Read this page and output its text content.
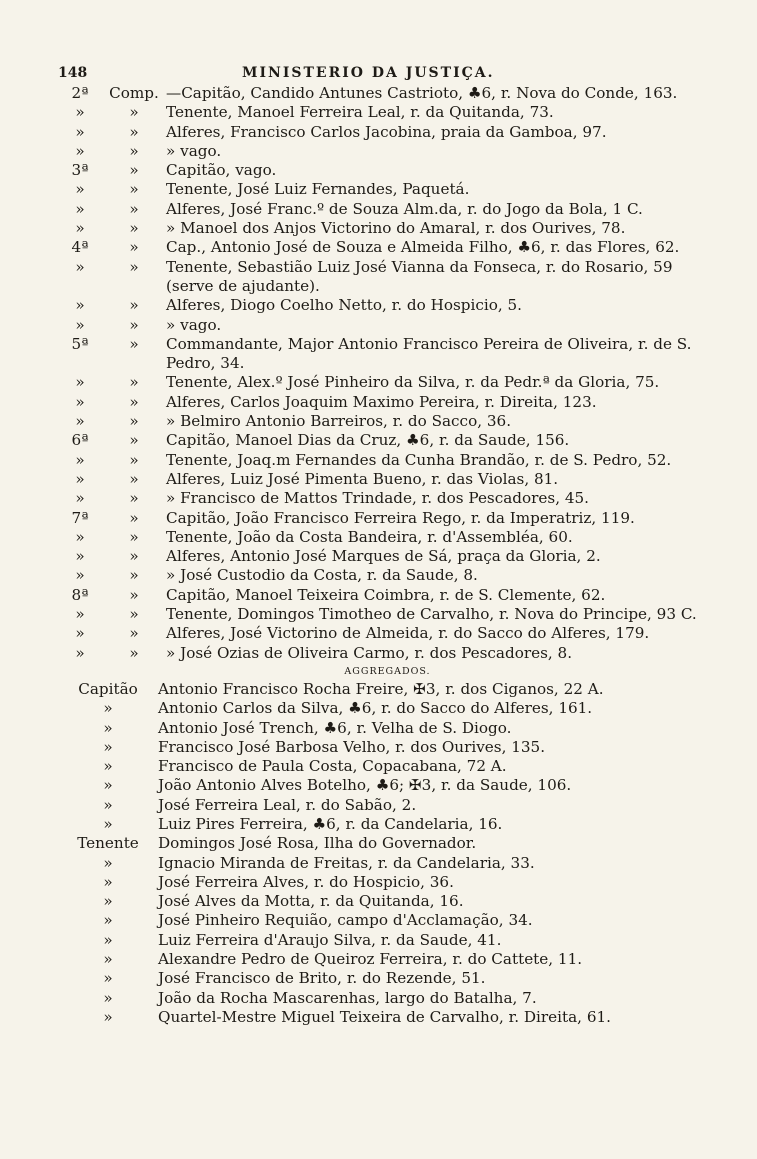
148	MINISTERIO DA JUSTIÇA.
2ª	Comp. —Capitão, Candido Antunes Castrioto, ♣6, r. Nova do Conde, 163.
»	»	Tenente, Manoel Ferreira Leal, r. da Quitanda, 73.
»	»	Alferes, Francisco Carlos Jacobina, praia da Gamboa, 97.
»	»	» vago.
3ª	»	Capitão, vago.
»	»	Tenente, José Luiz Fernandes, Paquetá.
»	»	Alferes, José Franc.º de Souza Alm.da, r. do Jogo da Bola, 1 C.
»	»	» Manoel dos Anjos Victorino do Amaral, r. dos Ourives, 78.
4ª	»	Cap., Antonio José de Souza e Almeida Filho, ♣6, r. das Flores, 62.
»	»	Tenente, Sebastião Luiz José Vianna da Fonseca, r. do Rosario, 59 (serve de ajudante).
»	»	Alferes, Diogo Coelho Netto, r. do Hospicio, 5.
»	»	» vago.
5ª	»	Commandante, Major Antonio Francisco Pereira de Oliveira, r. de S. Pedro, 34.
»	»	Tenente, Alex.º José Pinheiro da Silva, r. da Pedr.ª da Gloria, 75.
»	»	Alferes, Carlos Joaquim Maximo Pereira, r. Direita, 123.
»	»	» Belmiro Antonio Barreiros, r. do Sacco, 36.
6ª	»	Capitão, Manoel Dias da Cruz, ♣6, r. da Saude, 156.
»	»	Tenente, Joaq.m Fernandes da Cunha Brandão, r. de S. Pedro, 52.
»	»	Alferes, Luiz José Pimenta Bueno, r. das Violas, 81.
»	»	» Francisco de Mattos Trindade, r. dos Pescadores, 45.
7ª	»	Capitão, João Francisco Ferreira Rego, r. da Imperatriz, 119.
»	»	Tenente, João da Costa Bandeira, r. d'Assembléa, 60.
»	»	Alferes, Antonio José Marques de Sá, praça da Gloria, 2.
»	»	» José Custodio da Costa, r. da Saude, 8.
8ª	»	Capitão, Manoel Teixeira Coimbra, r. de S. Clemente, 62.
»	»	Tenente, Domingos Timotheo de Carvalho, r. Nova do Principe, 93 C.
»	»	Alferes, José Victorino de Almeida, r. do Sacco do Alferes, 179.
»	»	» José Ozias de Oliveira Carmo, r. dos Pescadores, 8.
AGGREGADOS.
Capitão	Antonio Francisco Rocha Freire, ✠3, r. dos Ciganos, 22 A.
»	Antonio Carlos da Silva, ♣6, r. do Sacco do Alferes, 161.
»	Antonio José Trench, ♣6, r. Velha de S. Diogo.
»	Francisco José Barbosa Velho, r. dos Ourives, 135.
»	Francisco de Paula Costa, Copacabana, 72 A.
»	João Antonio Alves Botelho, ♣6; ✠3, r. da Saude, 106.
»	José Ferreira Leal, r. do Sabão, 2.
»	Luiz Pires Ferreira, ♣6, r. da Candelaria, 16.
Tenente	Domingos José Rosa, Ilha do Governador.
»	Ignacio Miranda de Freitas, r. da Candelaria, 33.
»	José Ferreira Alves, r. do Hospicio, 36.
»	José Alves da Motta, r. da Quitanda, 16.
»	José Pinheiro Requião, campo d'Acclamação, 34.
»	Luiz Ferreira d'Araujo Silva, r. da Saude, 41.
»	Alexandre Pedro de Queiroz Ferreira, r. do Cattete, 11.
»	José Francisco de Brito, r. do Rezende, 51.
»	João da Rocha Mascarenhas, largo do Batalha, 7.
»	Quartel-Mestre Miguel Teixeira de Carvalho, r. Direita, 61.
